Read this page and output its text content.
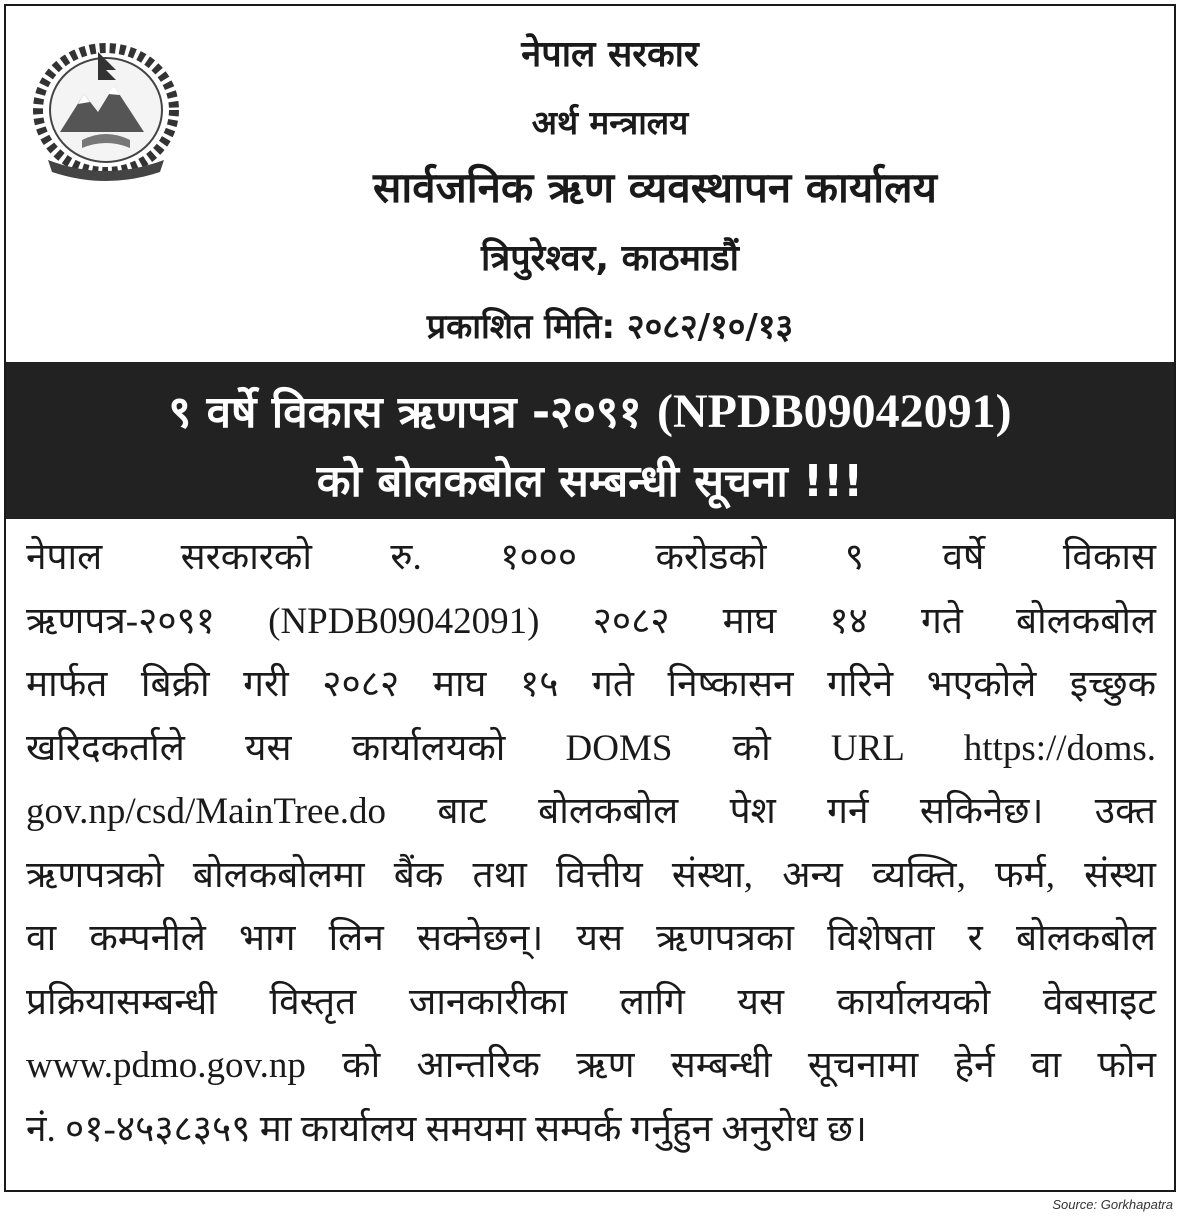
नेपाल सरकार
अर्थ मन्त्रालय
सार्वजनिक ऋण व्यवस्थापन कार्यालय
त्रिपुरेश्वर, काठमाडौं
प्रकाशित मिति: २०८२/१०/१३
९ वर्षे विकास ऋणपत्र -२०९१ (NPDB09042091)
को बोलकबोल सम्बन्धी सूचना !!!
नेपाल सरकारको रु. १००० करोडको ९ वर्षे विकास
ऋणपत्र-२०९१ (NPDB09042091) २०८२ माघ १४ गते बोलकबोल
मार्फत बिक्री गरी २०८२ माघ १५ गते निष्कासन गरिने भएकोले इच्छुक
खरिदकर्ताले यस कार्यालयको DOMS को URL https://doms.
gov.np/csd/MainTree.do बाट बोलकबोल पेश गर्न सकिनेछ। उक्त
ऋणपत्रको बोलकबोलमा बैंक तथा वित्तीय संस्था, अन्य व्यक्ति, फर्म, संस्था
वा कम्पनीले भाग लिन सक्नेछन्। यस ऋणपत्रका विशेषता र बोलकबोल
प्रक्रियासम्बन्धी विस्तृत जानकारीका लागि यस कार्यालयको वेबसाइट
www.pdmo.gov.np को आन्तरिक ऋण सम्बन्धी सूचनामा हेर्न वा फोन
नं. ०१-४५३८३५९ मा कार्यालय समयमा सम्पर्क गर्नुहुन अनुरोध छ।
Source: Gorkhapatra
